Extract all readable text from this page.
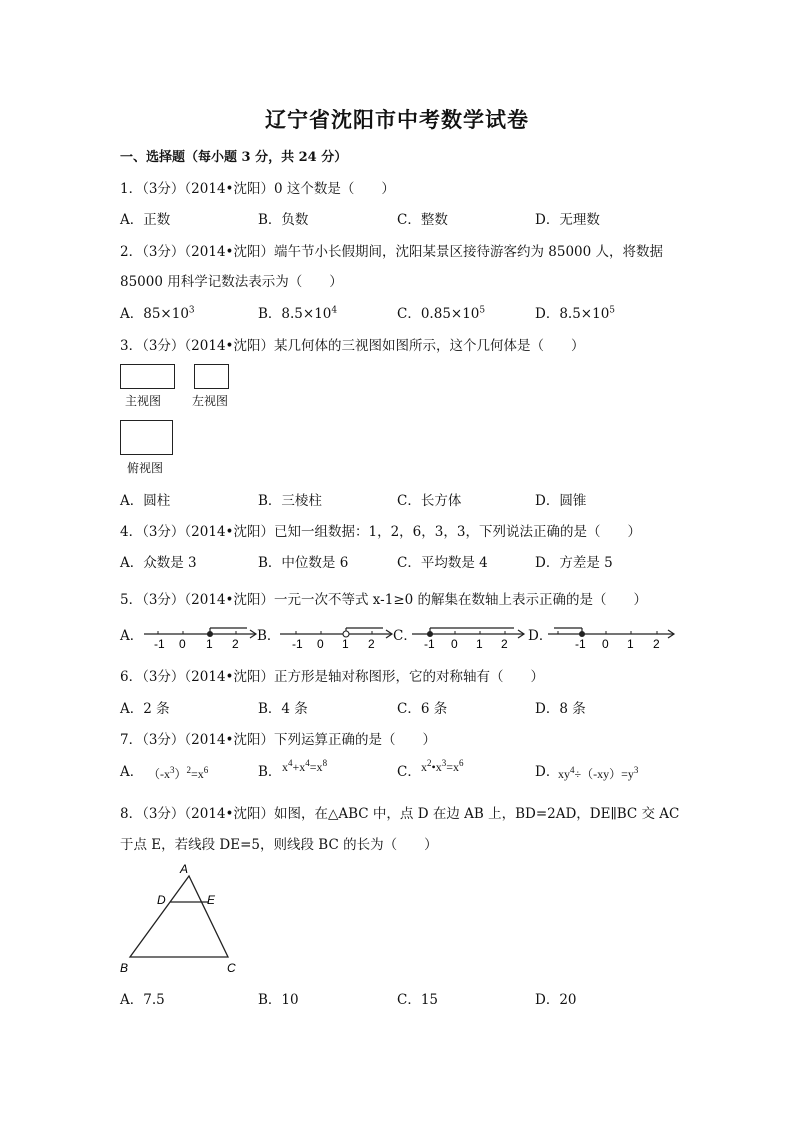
辽宁省沈阳市中考数学试卷
一、选择题（每小题 3 分，共 24 分）
1．（3分）（2014•沈阳）0 这个数是（　　）
A．正数	B．负数	C．整数	D．无理数
2．（3分）（2014•沈阳）端午节小长假期间，沈阳某景区接待游客约为 85000 人，将数据
85000 用科学记数法表示为（　　）
A．$85\times 10^3$	B．$8.5\times 10^4$	C．$0.85\times 10^5$	D．$8.5\times 10^5$
3．（3分）（2014•沈阳）某几何体的三视图如图所示，这个几何体是（　　）
主视图	左视图
俯视图
A．圆柱	B．三棱柱	C．长方体	D．圆锥
4．（3分）（2014•沈阳）已知一组数据：1，2，6，3，3，下列说法正确的是（　　）
A．众数是 3	B．中位数是 6	C．平均数是 4	D．方差是 5
5．（3分）（2014•沈阳）一元一次不等式 x-1≥0 的解集在数轴上表示正确的是（　　）
A．	B．	C．	D．
-1 0 1 2	-1 0 1 2	-1 0 1 2	-1 0 1 2
6．（3分）（2014•沈阳）正方形是轴对称图形，它的对称轴有（　　）
A．2 条	B．4 条	C．6 条	D．8 条
7．（3分）（2014•沈阳）下列运算正确的是（　　）
A．	B．	C．	D．
$(-x^3)^2=x^6$	$x^4+x^4=x^8$	$x^2•x^3=x^6$
$xy^4\div(-xy)=y^3$
8．（3分）（2014•沈阳）如图，在△ABC 中，点 D 在边 AB 上，BD=2AD，DE∥BC 交 AC
于点 E，若线段 DE=5，则线段 BC 的长为（　　）
A
B	C
D	E
A．7.5	B．10	C．15	D．20
